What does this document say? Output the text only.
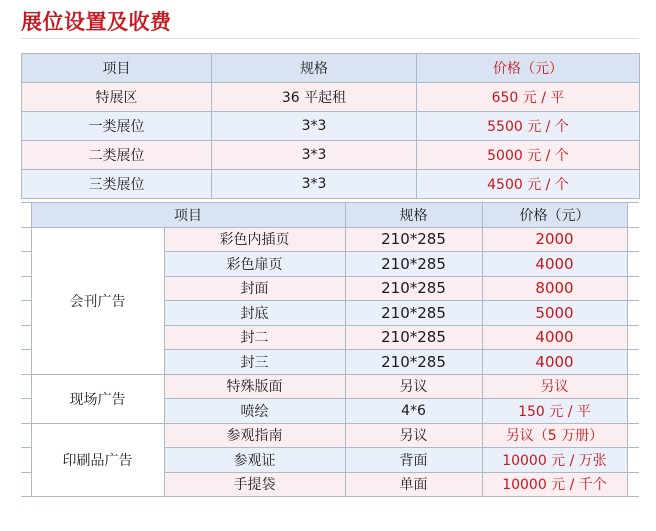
展位设置及收费
项目	规格	价格（元）
特展区	36 平起租	650 元 / 平
一类展位	3*3	5500 元 / 个
二类展位	3*3	5000 元 / 个
三类展位	3*3	4500 元 / 个
	项目		规格	价格（元）	
	会刊广告	彩色内插页	210*285	2000	
		彩色扉页	210*285	4000	
		封面	210*285	8000	
		封底	210*285	5000	
		封二	210*285	4000	
		封三	210*285	4000	
	现场广告	特殊版面	另议	另议	
		喷绘	4*6	150 元 / 平	
	印刷品广告	参观指南	另议	另议（5 万册）	
		参观证	背面	10000 元 / 万张	
		手提袋	单面	10000 元 / 千个	
